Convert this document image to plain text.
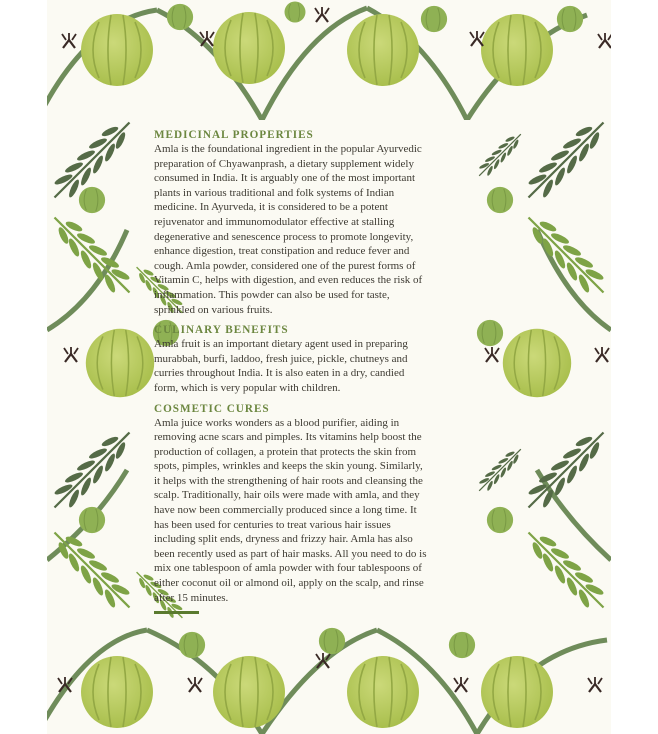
MEDICINAL PROPERTIES

Amla is the foundational ingredient in the popular Ayurvedic preparation of Chyawanprash, a dietary supplement widely consumed in India. It is arguably one of the most important plants in various traditional and folk systems of Indian medicine. In Ayurveda, it is considered to be a potent rejuvenator and immunomodulator effective at stalling degenerative and senescence process to promote longevity, enhance digestion, treat constipation and reduce fever and cough. Amla powder, considered one of the purest forms of Vitamin C, helps with digestion, and even reduces the risk of inflammation. This powder can also be used for taste, sprinkled on various fruits.

CULINARY BENEFITS

Amla fruit is an important dietary agent used in preparing murabbah, burfi, laddoo, fresh juice, pickle, chutneys and curries throughout India. It is also eaten in a dry, candied form, which is very popular with children.

COSMETIC CURES

Amla juice works wonders as a blood purifier, aiding in removing acne scars and pimples. Its vitamins help boost the production of collagen, a protein that protects the skin from spots, pimples, wrinkles and keeps the skin young. Similarly, it helps with the strengthening of hair roots and cleansing the scalp. Traditionally, hair oils were made with amla, and they have now been commercially produced since a long time. It has been used for centuries to treat various hair issues including split ends, dryness and frizzy hair. Amla has also been recently used as part of hair masks. All you need to do is mix one tablespoon of amla powder with four tablespoons of either coconut oil or almond oil, apply on the scalp, and rinse after 15 minutes.
